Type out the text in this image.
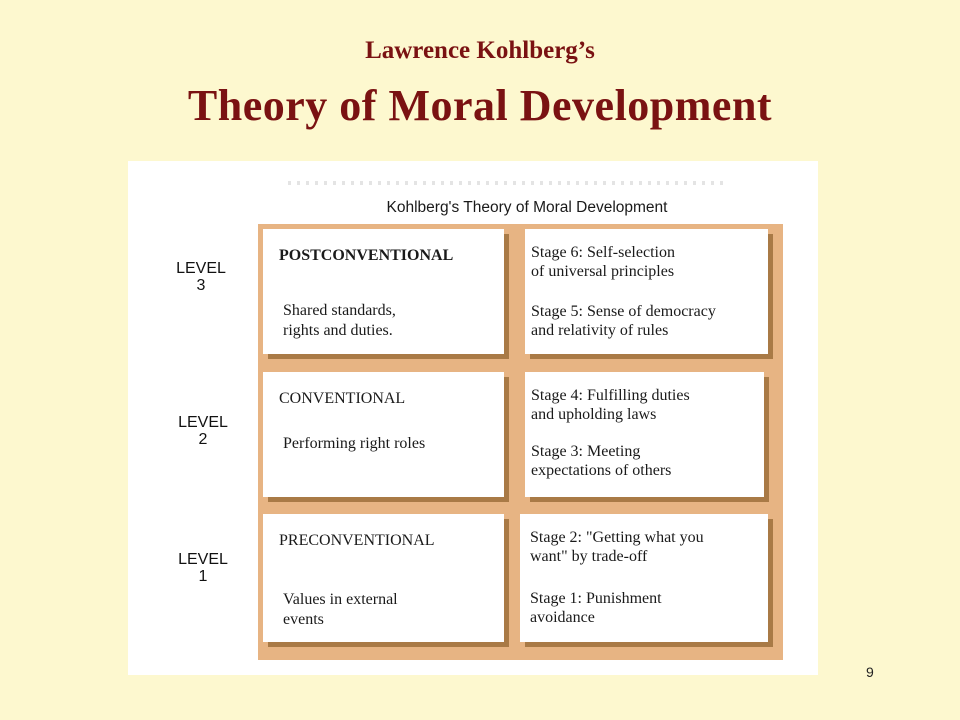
Lawrence Kohlberg’s
Theory of Moral Development
Kohlberg's Theory of Moral Development
LEVEL
3
LEVEL
2
LEVEL
1
POSTCONVENTIONAL
Shared standards,
rights and duties.
Stage 6: Self-selection
of universal principles
Stage 5: Sense of democracy
and relativity of rules
CONVENTIONAL
Performing right roles
Stage 4: Fulfilling duties
and upholding laws
Stage 3: Meeting
expectations of others
PRECONVENTIONAL
Values in external
events
Stage 2: "Getting what you
want" by trade-off
Stage 1: Punishment
avoidance
9
